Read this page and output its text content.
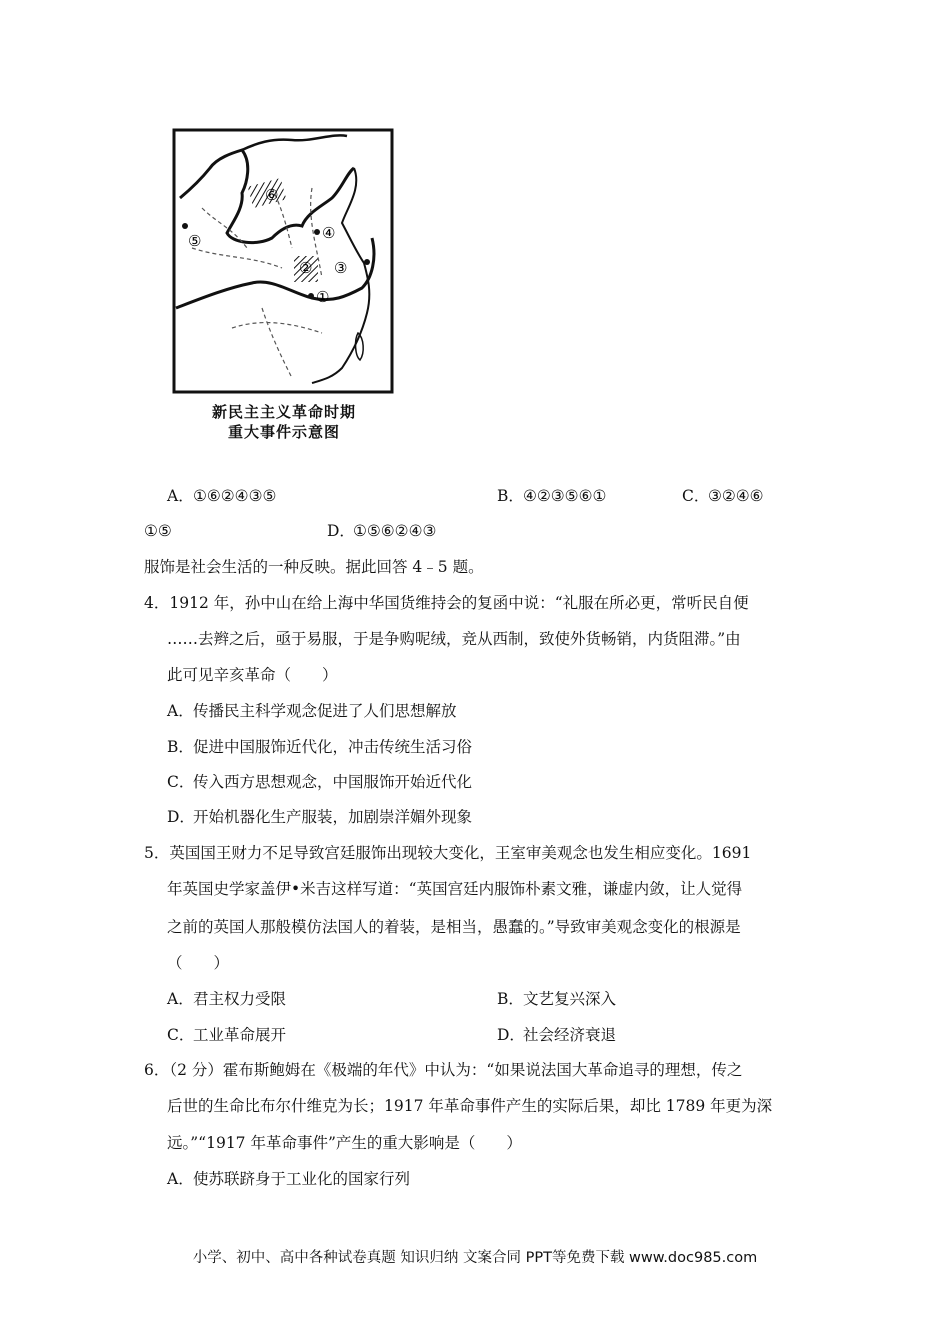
⑤
⑥
④
② ③
①
新民主主义革命时期
重大事件示意图
A．①⑥②④③⑤	B．④②③⑤⑥①	C．③②④⑥
①⑤	D．①⑤⑥②④③
服饰是社会生活的一种反映。据此回答 4﹣5 题。
4．1912 年，孙中山在给上海中华国货维持会的复函中说：“礼服在所必更，常听民自便
……去辫之后，亟于易服，于是争购呢绒，竞从西制，致使外货畅销，内货阻滞。”由
此可见辛亥革命（　　）
A．传播民主科学观念促进了人们思想解放
B．促进中国服饰近代化，冲击传统生活习俗
C．传入西方思想观念，中国服饰开始近代化
D．开始机器化生产服装，加剧崇洋媚外现象
5．英国国王财力不足导致宫廷服饰出现较大变化，王室审美观念也发生相应变化。1691
年英国史学家盖伊•米吉这样写道：“英国宫廷内服饰朴素文雅，谦虚内敛，让人觉得
之前的英国人那般模仿法国人的着装，是相当，愚蠢的。”导致审美观念变化的根源是
（　　）
A．君主权力受限	B．文艺复兴深入
C．工业革命展开	D．社会经济衰退
6．（2 分）霍布斯鲍姆在《极端的年代》中认为：“如果说法国大革命追寻的理想，传之
后世的生命比布尔什维克为长；1917 年革命事件产生的实际后果，却比 1789 年更为深
远。”“1917 年革命事件”产生的重大影响是（　　）
A．使苏联跻身于工业化的国家行列
小学、初中、高中各种试卷真题 知识归纳 文案合同 PPT等免费下载 www.doc985.com
